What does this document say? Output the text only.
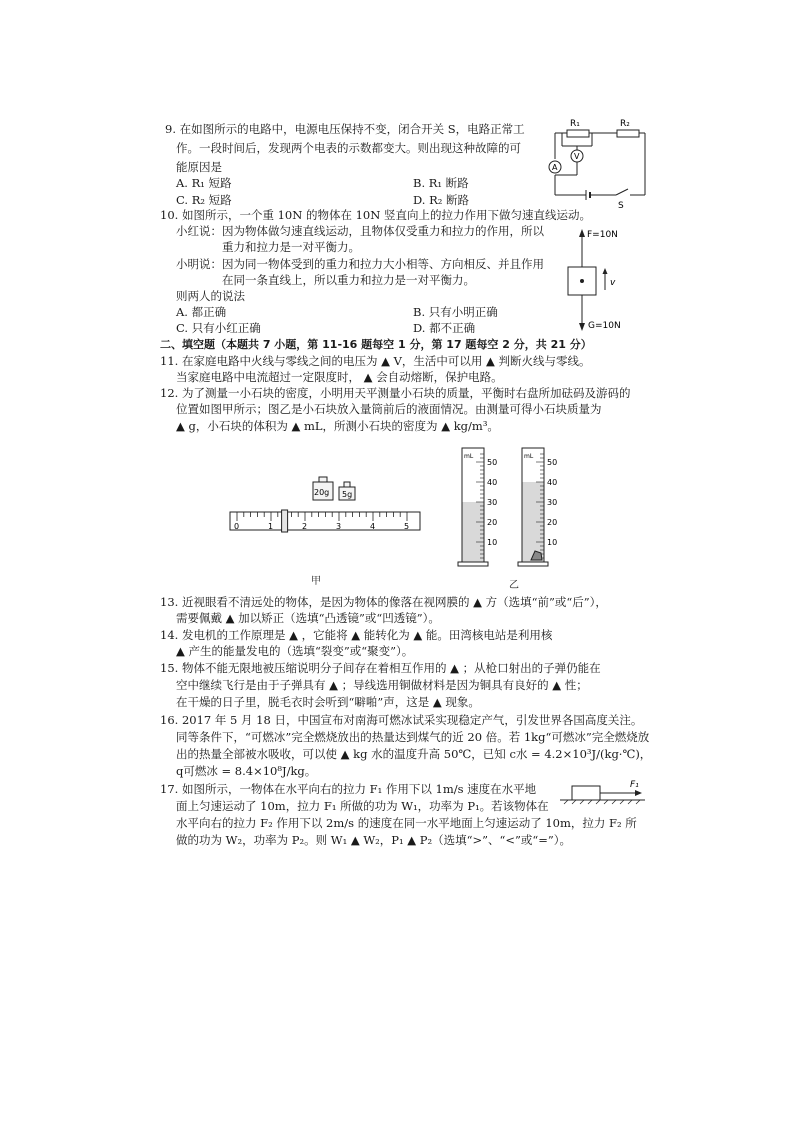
9. 在如图所示的电路中，电源电压保持不变，闭合开关 S，电路正常工
作。一段时间后，发现两个电表的示数都变大。则出现这种故障的可
能原因是
A. R₁ 短路	B. R₁ 断路
C. R₂ 短路	D. R₂ 断路
R₁	R₂
V
A
S
10. 如图所示，一个重 10N 的物体在 10N 竖直向上的拉力作用下做匀速直线运动。
小红说：因为物体做匀速直线运动，且物体仅受重力和拉力的作用，所以
重力和拉力是一对平衡力。
小明说：因为同一物体受到的重力和拉力大小相等、方向相反、并且作用
在同一条直线上，所以重力和拉力是一对平衡力。
则两人的说法
A. 都正确	B. 只有小明正确
C. 只有小红正确	D. 都不正确
F=10N
G=10N
v
二、填空题（本题共 7 小题，第 11-16 题每空 1 分，第 17 题每空 2 分，共 21 分）
11. 在家庭电路中火线与零线之间的电压为 ▲ V，生活中可以用 ▲ 判断火线与零线。
当家庭电路中电流超过一定限度时， ▲ 会自动熔断，保护电路。
12. 为了测量一小石块的密度，小明用天平测量小石块的质量，平衡时右盘所加砝码及游码的
位置如图甲所示；图乙是小石块放入量筒前后的液面情况。由测量可得小石块质量为
▲ g，小石块的体积为 ▲ mL，所测小石块的密度为 ▲ kg/m³。
20g 5g
0	1	2	3	4	5
甲
50
40
30
20
10
mL
50
40
30
20
10
mL
乙
13. 近视眼看不清远处的物体，是因为物体的像落在视网膜的 ▲ 方（选填“前”或“后”），
需要佩戴 ▲ 加以矫正（选填“凸透镜”或“凹透镜”）。
14. 发电机的工作原理是 ▲ ，它能将 ▲ 能转化为 ▲ 能。田湾核电站是利用核
▲ 产生的能量发电的（选填“裂变”或“聚变”）。
15. 物体不能无限地被压缩说明分子间存在着相互作用的 ▲ ；从枪口射出的子弹仍能在
空中继续飞行是由于子弹具有 ▲ ；导线选用铜做材料是因为铜具有良好的 ▲ 性；
在干燥的日子里，脱毛衣时会听到“噼啪”声，这是 ▲ 现象。
16. 2017 年 5 月 18 日，中国宣布对南海可燃冰试采实现稳定产气，引发世界各国高度关注。
同等条件下，“可燃冰”完全燃烧放出的热量达到煤气的近 20 倍。若 1kg“可燃冰”完全燃烧放
出的热量全部被水吸收，可以使 ▲ kg 水的温度升高 50℃，已知 c水 = 4.2×10³J/(kg·℃)，
q可燃冰 = 8.4×10⁸J/kg。
17. 如图所示，一物体在水平向右的拉力 F₁ 作用下以 1m/s 速度在水平地
面上匀速运动了 10m，拉力 F₁ 所做的功为 W₁，功率为 P₁。若该物体在
水平向右的拉力 F₂ 作用下以 2m/s 的速度在同一水平地面上匀速运动了 10m，拉力 F₂ 所
做的功为 W₂，功率为 P₂。则 W₁ ▲ W₂，P₁ ▲ P₂（选填“>”、“<”或“=”）。
F₁
